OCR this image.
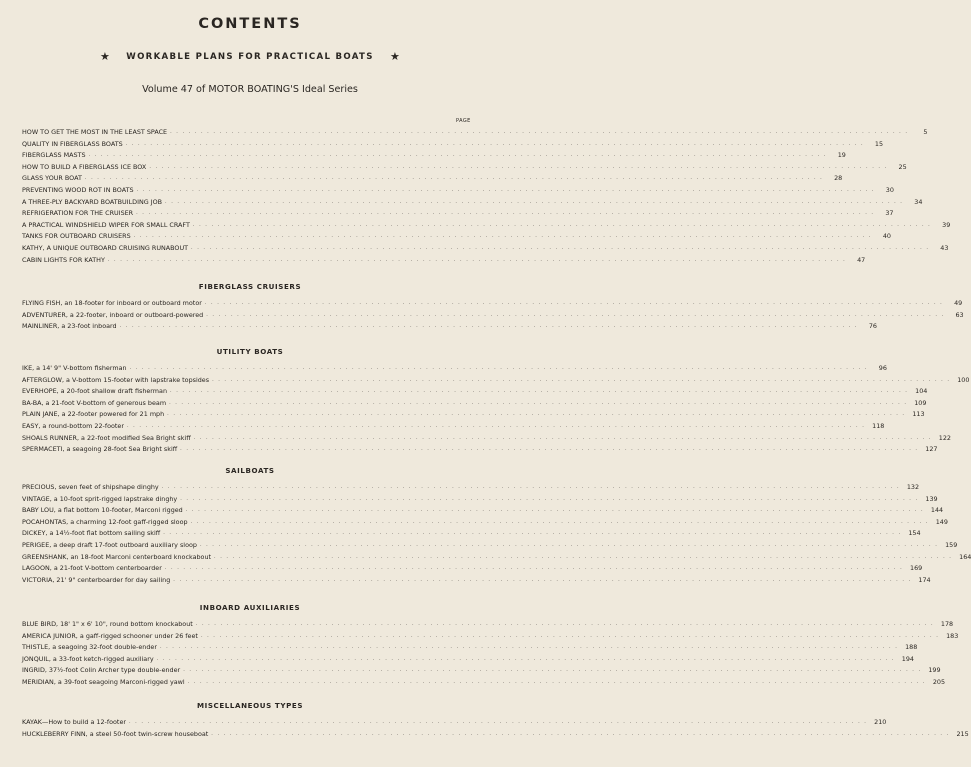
CONTENTS
★	WORKABLE PLANS FOR PRACTICAL BOATS	★
Volume 47 of MOTOR BOATING'S Ideal Series
PAGE
HOW TO GET THE MOST IN THE LEAST SPACE . . . . . . . . . . . . . . . . . . . . . . . . . . . . . . . . . . . . . . . . . . . . . . . . . . . . . . . . . . . . . . . . . . . . . . . . . . . . . . . . . . . . . . . . . . . . . . . . . . . . . . . . . . . . . . . . . . . . . . . .	5
QUALITY IN FIBERGLASS BOATS . . . . . . . . . . . . . . . . . . . . . . . . . . . . . . . . . . . . . . . . . . . . . . . . . . . . . . . . . . . . . . . . . . . . . . . . . . . . . . . . . . . . . . . . . . . . . . . . . . . . . . . . . . . . . . . . . . . . . . . .	15
FIBERGLASS MASTS . . . . . . . . . . . . . . . . . . . . . . . . . . . . . . . . . . . . . . . . . . . . . . . . . . . . . . . . . . . . . . . . . . . . . . . . . . . . . . . . . . . . . . . . . . . . . . . . . . . . . . . . . . . . . . . . . . . . . . . .	19
HOW TO BUILD A FIBERGLASS ICE BOX . . . . . . . . . . . . . . . . . . . . . . . . . . . . . . . . . . . . . . . . . . . . . . . . . . . . . . . . . . . . . . . . . . . . . . . . . . . . . . . . . . . . . . . . . . . . . . . . . . . . . . . . . . . . . . . . . . . . . . . .	25
GLASS YOUR BOAT . . . . . . . . . . . . . . . . . . . . . . . . . . . . . . . . . . . . . . . . . . . . . . . . . . . . . . . . . . . . . . . . . . . . . . . . . . . . . . . . . . . . . . . . . . . . . . . . . . . . . . . . . . . . . . . . . . . . . . . .	28
PREVENTING WOOD ROT IN BOATS . . . . . . . . . . . . . . . . . . . . . . . . . . . . . . . . . . . . . . . . . . . . . . . . . . . . . . . . . . . . . . . . . . . . . . . . . . . . . . . . . . . . . . . . . . . . . . . . . . . . . . . . . . . . . . . . . . . . . . . .	30
A THREE-PLY BACKYARD BOATBUILDING JOB . . . . . . . . . . . . . . . . . . . . . . . . . . . . . . . . . . . . . . . . . . . . . . . . . . . . . . . . . . . . . . . . . . . . . . . . . . . . . . . . . . . . . . . . . . . . . . . . . . . . . . . . . . . . . . . . . . . . . . . .	34
REFRIGERATION FOR THE CRUISER . . . . . . . . . . . . . . . . . . . . . . . . . . . . . . . . . . . . . . . . . . . . . . . . . . . . . . . . . . . . . . . . . . . . . . . . . . . . . . . . . . . . . . . . . . . . . . . . . . . . . . . . . . . . . . . . . . . . . . . .	37
A PRACTICAL WINDSHIELD WIPER FOR SMALL CRAFT . . . . . . . . . . . . . . . . . . . . . . . . . . . . . . . . . . . . . . . . . . . . . . . . . . . . . . . . . . . . . . . . . . . . . . . . . . . . . . . . . . . . . . . . . . . . . . . . . . . . . . . . . . . . . . . . . . . . . . . .	39
TANKS FOR OUTBOARD CRUISERS . . . . . . . . . . . . . . . . . . . . . . . . . . . . . . . . . . . . . . . . . . . . . . . . . . . . . . . . . . . . . . . . . . . . . . . . . . . . . . . . . . . . . . . . . . . . . . . . . . . . . . . . . . . . . . . . . . . . . . . .	40
KATHY, A UNIQUE OUTBOARD CRUISING RUNABOUT . . . . . . . . . . . . . . . . . . . . . . . . . . . . . . . . . . . . . . . . . . . . . . . . . . . . . . . . . . . . . . . . . . . . . . . . . . . . . . . . . . . . . . . . . . . . . . . . . . . . . . . . . . . . . . . . . . . . . . . .	43
CABIN LIGHTS FOR KATHY . . . . . . . . . . . . . . . . . . . . . . . . . . . . . . . . . . . . . . . . . . . . . . . . . . . . . . . . . . . . . . . . . . . . . . . . . . . . . . . . . . . . . . . . . . . . . . . . . . . . . . . . . . . . . . . . . . . . . . . .	47
FIBERGLASS CRUISERS
FLYING FISH, an 18-footer for inboard or outboard motor . . . . . . . . . . . . . . . . . . . . . . . . . . . . . . . . . . . . . . . . . . . . . . . . . . . . . . . . . . . . . . . . . . . . . . . . . . . . . . . . . . . . . . . . . . . . . . . . . . . . . . . . . . . . . . . . . . . . . . . .	49
ADVENTURER, a 22-footer, inboard or outboard-powered . . . . . . . . . . . . . . . . . . . . . . . . . . . . . . . . . . . . . . . . . . . . . . . . . . . . . . . . . . . . . . . . . . . . . . . . . . . . . . . . . . . . . . . . . . . . . . . . . . . . . . . . . . . . . . . . . . . . . . . .	63
MAINLINER, a 23-foot inboard . . . . . . . . . . . . . . . . . . . . . . . . . . . . . . . . . . . . . . . . . . . . . . . . . . . . . . . . . . . . . . . . . . . . . . . . . . . . . . . . . . . . . . . . . . . . . . . . . . . . . . . . . . . . . . . . . . . . . . . .	76
UTILITY BOATS
IKE, a 14' 9" V-bottom fisherman . . . . . . . . . . . . . . . . . . . . . . . . . . . . . . . . . . . . . . . . . . . . . . . . . . . . . . . . . . . . . . . . . . . . . . . . . . . . . . . . . . . . . . . . . . . . . . . . . . . . . . . . . . . . . . . . . . . . . . . .	96
AFTERGLOW, a V-bottom 15-footer with lapstrake topsides . . . . . . . . . . . . . . . . . . . . . . . . . . . . . . . . . . . . . . . . . . . . . . . . . . . . . . . . . . . . . . . . . . . . . . . . . . . . . . . . . . . . . . . . . . . . . . . . . . . . . . . . . . . . . . . . . . . . . . . .	100
EVERHOPE, a 20-foot shallow draft fisherman . . . . . . . . . . . . . . . . . . . . . . . . . . . . . . . . . . . . . . . . . . . . . . . . . . . . . . . . . . . . . . . . . . . . . . . . . . . . . . . . . . . . . . . . . . . . . . . . . . . . . . . . . . . . . . . . . . . . . . . .	104
BA-BA, a 21-foot V-bottom of generous beam . . . . . . . . . . . . . . . . . . . . . . . . . . . . . . . . . . . . . . . . . . . . . . . . . . . . . . . . . . . . . . . . . . . . . . . . . . . . . . . . . . . . . . . . . . . . . . . . . . . . . . . . . . . . . . . . . . . . . . . .	109
PLAIN JANE, a 22-footer powered for 21 mph . . . . . . . . . . . . . . . . . . . . . . . . . . . . . . . . . . . . . . . . . . . . . . . . . . . . . . . . . . . . . . . . . . . . . . . . . . . . . . . . . . . . . . . . . . . . . . . . . . . . . . . . . . . . . . . . . . . . . . . .	113
EASY, a round-bottom 22-footer . . . . . . . . . . . . . . . . . . . . . . . . . . . . . . . . . . . . . . . . . . . . . . . . . . . . . . . . . . . . . . . . . . . . . . . . . . . . . . . . . . . . . . . . . . . . . . . . . . . . . . . . . . . . . . . . . . . . . . . .	118
SHOALS RUNNER, a 22-foot modified Sea Bright skiff . . . . . . . . . . . . . . . . . . . . . . . . . . . . . . . . . . . . . . . . . . . . . . . . . . . . . . . . . . . . . . . . . . . . . . . . . . . . . . . . . . . . . . . . . . . . . . . . . . . . . . . . . . . . . . . . . . . . . . . .	122
SPERMACETI, a seagoing 28-foot Sea Bright skiff . . . . . . . . . . . . . . . . . . . . . . . . . . . . . . . . . . . . . . . . . . . . . . . . . . . . . . . . . . . . . . . . . . . . . . . . . . . . . . . . . . . . . . . . . . . . . . . . . . . . . . . . . . . . . . . . . . . . . . . .	127
SAILBOATS
PRECIOUS, seven feet of shipshape dinghy . . . . . . . . . . . . . . . . . . . . . . . . . . . . . . . . . . . . . . . . . . . . . . . . . . . . . . . . . . . . . . . . . . . . . . . . . . . . . . . . . . . . . . . . . . . . . . . . . . . . . . . . . . . . . . . . . . . . . . . .	132
VINTAGE, a 10-foot sprit-rigged lapstrake dinghy . . . . . . . . . . . . . . . . . . . . . . . . . . . . . . . . . . . . . . . . . . . . . . . . . . . . . . . . . . . . . . . . . . . . . . . . . . . . . . . . . . . . . . . . . . . . . . . . . . . . . . . . . . . . . . . . . . . . . . . .	139
BABY LOU, a flat bottom 10-footer, Marconi rigged . . . . . . . . . . . . . . . . . . . . . . . . . . . . . . . . . . . . . . . . . . . . . . . . . . . . . . . . . . . . . . . . . . . . . . . . . . . . . . . . . . . . . . . . . . . . . . . . . . . . . . . . . . . . . . . . . . . . . . . .	144
POCAHONTAS, a charming 12-foot gaff-rigged sloop . . . . . . . . . . . . . . . . . . . . . . . . . . . . . . . . . . . . . . . . . . . . . . . . . . . . . . . . . . . . . . . . . . . . . . . . . . . . . . . . . . . . . . . . . . . . . . . . . . . . . . . . . . . . . . . . . . . . . . . .	149
DICKEY, a 14½-foot flat bottom sailing skiff . . . . . . . . . . . . . . . . . . . . . . . . . . . . . . . . . . . . . . . . . . . . . . . . . . . . . . . . . . . . . . . . . . . . . . . . . . . . . . . . . . . . . . . . . . . . . . . . . . . . . . . . . . . . . . . . . . . . . . . .	154
PERIGEE, a deep draft 17-foot outboard auxiliary sloop . . . . . . . . . . . . . . . . . . . . . . . . . . . . . . . . . . . . . . . . . . . . . . . . . . . . . . . . . . . . . . . . . . . . . . . . . . . . . . . . . . . . . . . . . . . . . . . . . . . . . . . . . . . . . . . . . . . . . . . .	159
GREENSHANK, an 18-foot Marconi centerboard knockabout . . . . . . . . . . . . . . . . . . . . . . . . . . . . . . . . . . . . . . . . . . . . . . . . . . . . . . . . . . . . . . . . . . . . . . . . . . . . . . . . . . . . . . . . . . . . . . . . . . . . . . . . . . . . . . . . . . . . . . . .	164
LAGOON, a 21-foot V-bottom centerboarder . . . . . . . . . . . . . . . . . . . . . . . . . . . . . . . . . . . . . . . . . . . . . . . . . . . . . . . . . . . . . . . . . . . . . . . . . . . . . . . . . . . . . . . . . . . . . . . . . . . . . . . . . . . . . . . . . . . . . . . .	169
VICTORIA, 21' 9" centerboarder for day sailing . . . . . . . . . . . . . . . . . . . . . . . . . . . . . . . . . . . . . . . . . . . . . . . . . . . . . . . . . . . . . . . . . . . . . . . . . . . . . . . . . . . . . . . . . . . . . . . . . . . . . . . . . . . . . . . . . . . . . . . .	174
INBOARD AUXILIARIES
BLUE BIRD, 18' 1" x 6' 10", round bottom knockabout . . . . . . . . . . . . . . . . . . . . . . . . . . . . . . . . . . . . . . . . . . . . . . . . . . . . . . . . . . . . . . . . . . . . . . . . . . . . . . . . . . . . . . . . . . . . . . . . . . . . . . . . . . . . . . . . . . . . . . . .	178
AMERICA JUNIOR, a gaff-rigged schooner under 26 feet . . . . . . . . . . . . . . . . . . . . . . . . . . . . . . . . . . . . . . . . . . . . . . . . . . . . . . . . . . . . . . . . . . . . . . . . . . . . . . . . . . . . . . . . . . . . . . . . . . . . . . . . . . . . . . . . . . . . . . . .	183
THISTLE, a seagoing 32-foot double-ender . . . . . . . . . . . . . . . . . . . . . . . . . . . . . . . . . . . . . . . . . . . . . . . . . . . . . . . . . . . . . . . . . . . . . . . . . . . . . . . . . . . . . . . . . . . . . . . . . . . . . . . . . . . . . . . . . . . . . . . .	188
JONQUIL, a 33-foot ketch-rigged auxiliary . . . . . . . . . . . . . . . . . . . . . . . . . . . . . . . . . . . . . . . . . . . . . . . . . . . . . . . . . . . . . . . . . . . . . . . . . . . . . . . . . . . . . . . . . . . . . . . . . . . . . . . . . . . . . . . . . . . . . . . .	194
INGRID, 37½-foot Colin Archer type double-ender . . . . . . . . . . . . . . . . . . . . . . . . . . . . . . . . . . . . . . . . . . . . . . . . . . . . . . . . . . . . . . . . . . . . . . . . . . . . . . . . . . . . . . . . . . . . . . . . . . . . . . . . . . . . . . . . . . . . . . . .	199
MERIDIAN, a 39-foot seagoing Marconi-rigged yawl . . . . . . . . . . . . . . . . . . . . . . . . . . . . . . . . . . . . . . . . . . . . . . . . . . . . . . . . . . . . . . . . . . . . . . . . . . . . . . . . . . . . . . . . . . . . . . . . . . . . . . . . . . . . . . . . . . . . . . . .	205
MISCELLANEOUS TYPES
KAYAK—How to build a 12-footer . . . . . . . . . . . . . . . . . . . . . . . . . . . . . . . . . . . . . . . . . . . . . . . . . . . . . . . . . . . . . . . . . . . . . . . . . . . . . . . . . . . . . . . . . . . . . . . . . . . . . . . . . . . . . . . . . . . . . . . .	210
HUCKLEBERRY FINN, a steel 50-foot twin-screw houseboat . . . . . . . . . . . . . . . . . . . . . . . . . . . . . . . . . . . . . . . . . . . . . . . . . . . . . . . . . . . . . . . . . . . . . . . . . . . . . . . . . . . . . . . . . . . . . . . . . . . . . . . . . . . . . . . . . . . . . . . .	215
